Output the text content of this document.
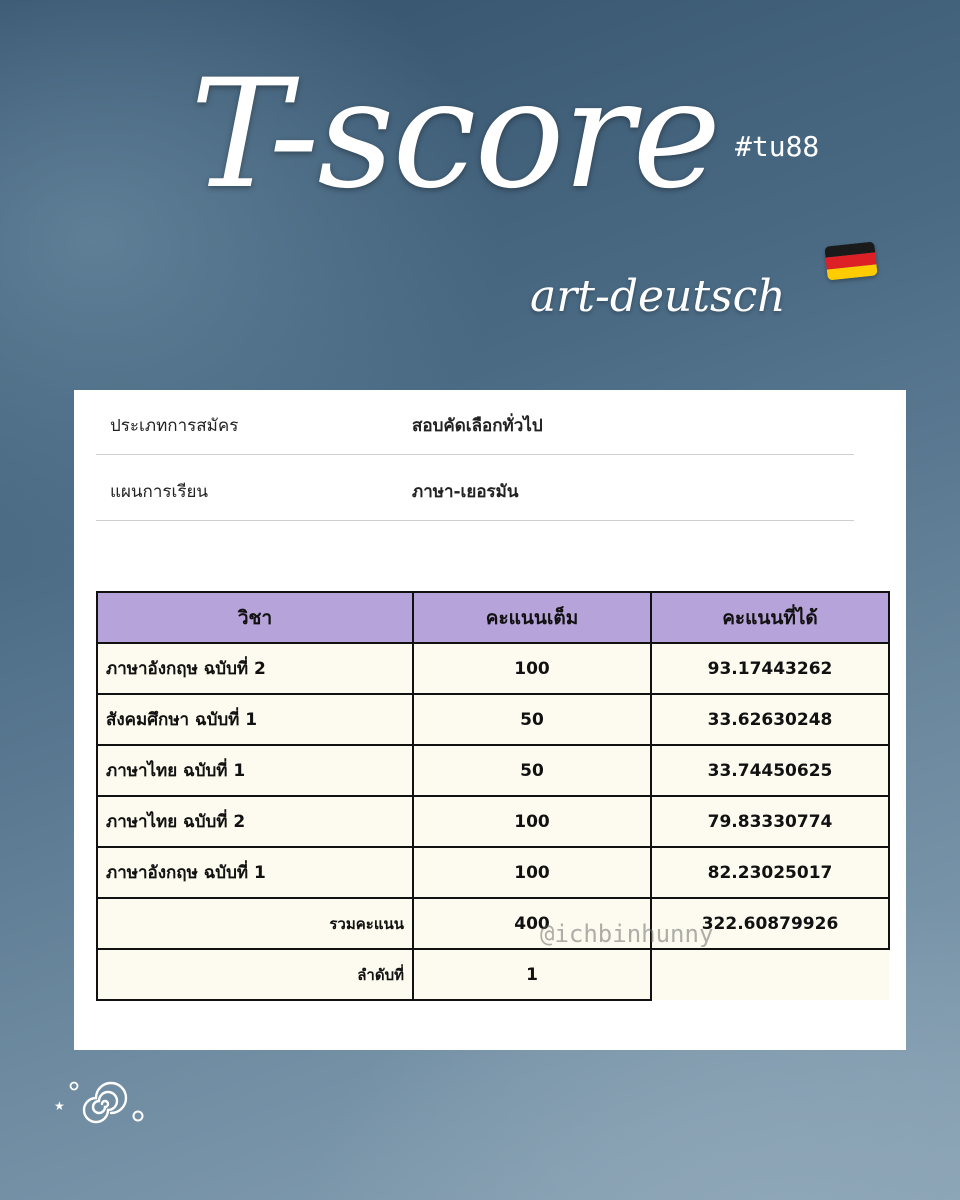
T-score #tu88
art-deutsch
ประเภทการสมัคร	สอบคัดเลือกทั่วไป
แผนการเรียน	ภาษา-เยอรมัน
วิชา	คะแนนเต็ม	คะแนนที่ได้
ภาษาอังกฤษ ฉบับที่ 2	100	93.17443262
สังคมศึกษา ฉบับที่ 1	50	33.62630248
ภาษาไทย ฉบับที่ 1	50	33.74450625
ภาษาไทย ฉบับที่ 2	100	79.83330774
ภาษาอังกฤษ ฉบับที่ 1	100	82.23025017
รวมคะแนน	400	322.60879926
ลำดับที่	1	
@ichbinhunny
★
